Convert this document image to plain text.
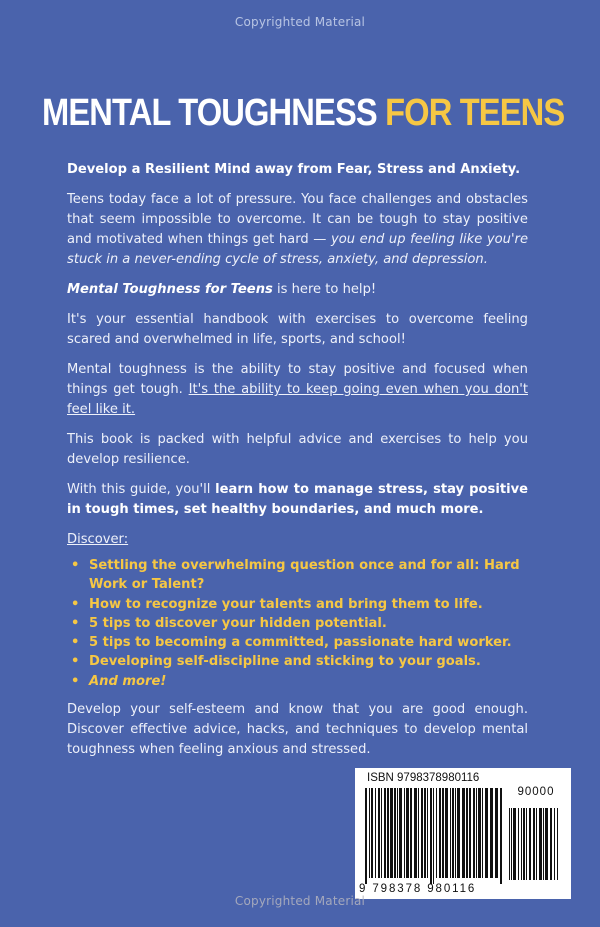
Copyrighted Material
MENTAL TOUGHNESS FOR TEENS

Develop a Resilient Mind away from Fear, Stress and Anxiety.

Teens today face a lot of pressure. You face challenges and obstacles that seem impossible to overcome. It can be tough to stay positive and motivated when things get hard — you end up feeling like you're stuck in a never-ending cycle of stress, anxiety, and depression.

Mental Toughness for Teens is here to help!

It's your essential handbook with exercises to overcome feeling scared and overwhelmed in life, sports, and school!

Mental toughness is the ability to stay positive and focused when things get tough. It's the ability to keep going even when you don't feel like it.

This book is packed with helpful advice and exercises to help you develop resilience.

With this guide, you'll learn how to manage stress, stay positive in tough times, set healthy boundaries, and much more.

Discover:

• Settling the overwhelming question once and for all: Hard Work or Talent?
• How to recognize your talents and bring them to life.
• 5 tips to discover your hidden potential.
• 5 tips to becoming a committed, passionate hard worker.
• Developing self-discipline and sticking to your goals.
• And more!

Develop your self-esteem and know that you are good enough. Discover effective advice, hacks, and techniques to develop mental toughness when feeling anxious and stressed.

ISBN 9798378980116
90000
9 798378 980116
Copyrighted Material
